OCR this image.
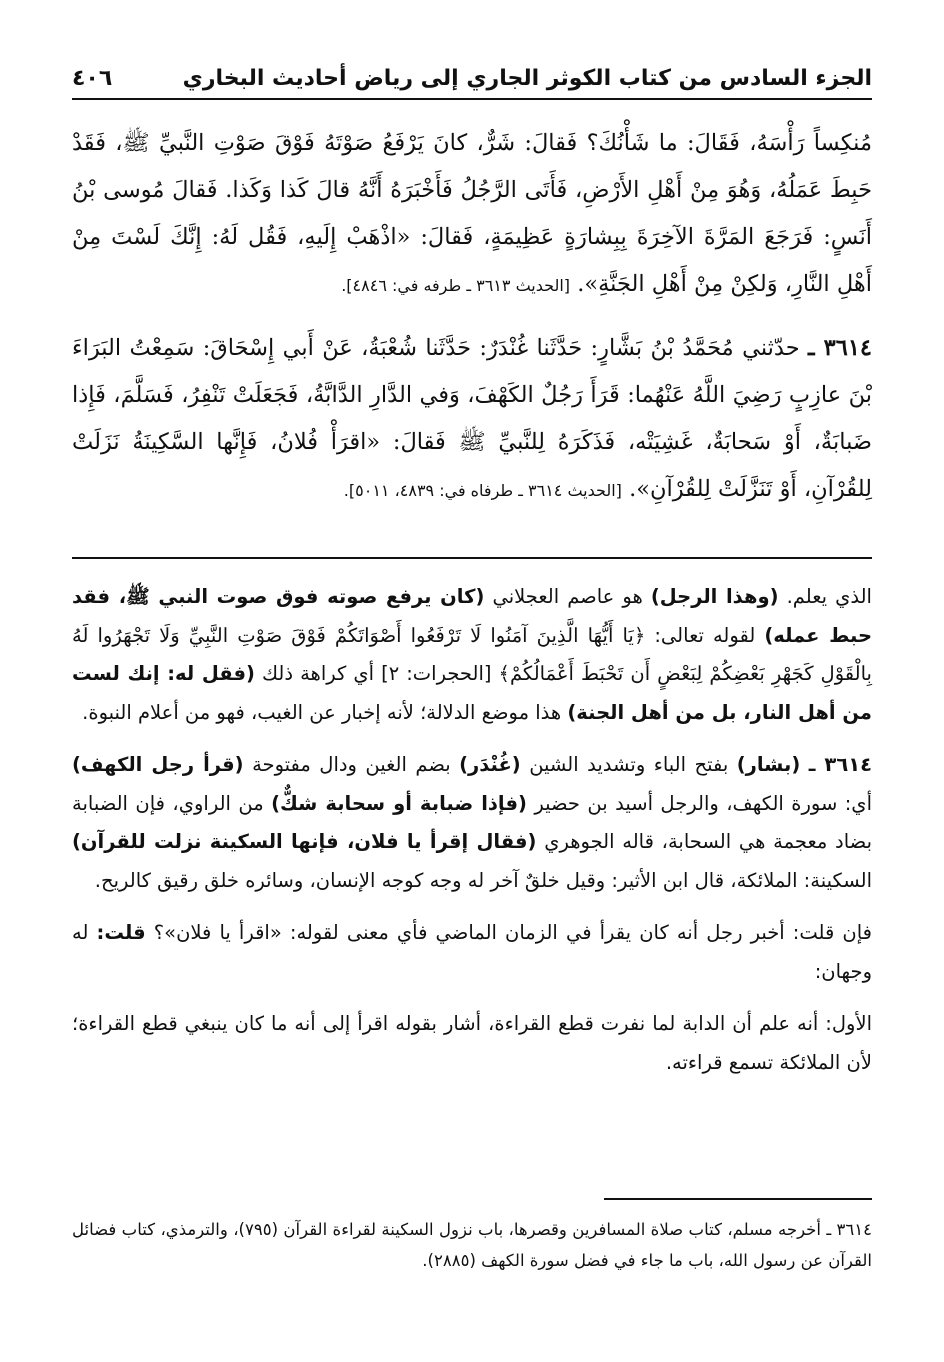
الجزء السادس من كتاب الكوثر الجاري إلى رياض أحاديث البخاري
٤٠٦

مُنكِساً رَأْسَهُ، فَقَالَ: ما شَأْنُكَ؟ فَقالَ: شَرٌّ، كانَ يَرْفَعُ صَوْتَهُ فَوْقَ صَوْتِ النَّبيِّ ﷺ، فَقَدْ حَبِطَ عَمَلُهُ، وَهُوَ مِنْ أَهْلِ الأَرْضِ، فَأَتَى الرَّجُلُ فَأَخْبَرَهُ أَنَّهُ قالَ كَذا وَكَذا. فَقالَ مُوسى بْنُ أَنَسٍ: فَرَجَعَ المَرَّةَ الآخِرَةَ بِبِشارَةٍ عَظِيمَةٍ، فَقالَ: «اذْهَبْ إِلَيهِ، فَقُل لَهُ: إِنَّكَ لَسْتَ مِنْ أَهْلِ النَّارِ، وَلكِنْ مِنْ أَهْلِ الجَنَّةِ». [الحديث ٣٦١٣ ـ طرفه في: ٤٨٤٦].

٣٦١٤ ـ حدّثني مُحَمَّدُ بْنُ بَشَّارٍ: حَدَّثَنا غُنْدَرٌ: حَدَّثَنا شُعْبَةُ، عَنْ أَبي إِسْحَاقَ: سَمِعْتُ البَرَاءَ بْنَ عازِبٍ رَضِيَ اللَّهُ عَنْهُما: قَرَأَ رَجُلٌ الكَهْفَ، وَفي الدَّارِ الدَّابَّةُ، فَجَعَلَتْ تَنْفِرُ، فَسَلَّمَ، فَإِذا ضَبابَةٌ، أَوْ سَحابَةٌ، غَشِيَتْه، فَذَكَرَهُ لِلنَّبيِّ ﷺ فَقالَ: «اقرَأْ فُلانُ، فَإِنَّها السَّكِينَةُ نَزَلَتْ لِلقُرْآنِ، أَوْ تَنَزَّلَتْ لِلقُرْآنِ». [الحديث ٣٦١٤ ـ طرفاه في: ٤٨٣٩، ٥٠١١].

الذي يعلم. (وهذا الرجل) هو عاصم العجلاني (كان يرفع صوته فوق صوت النبي ﷺ، فقد حبط عمله) لقوله تعالى: ﴿يَا أَيُّهَا الَّذِينَ آمَنُوا لَا تَرْفَعُوا أَصْوَاتَكُمْ فَوْقَ صَوْتِ النَّبِيِّ وَلَا تَجْهَرُوا لَهُ بِالْقَوْلِ كَجَهْرِ بَعْضِكُمْ لِبَعْضٍ أَن تَحْبَطَ أَعْمَالُكُمْ﴾ [الحجرات: ٢] أي كراهة ذلك (فقل له: إنك لست من أهل النار، بل من أهل الجنة) هذا موضع الدلالة؛ لأنه إخبار عن الغيب، فهو من أعلام النبوة.

٣٦١٤ ـ (بشار) بفتح الباء وتشديد الشين (غُنْدَر) بضم الغين ودال مفتوحة (قرأ رجل الكهف) أي: سورة الكهف، والرجل أسيد بن حضير (فإذا ضبابة أو سحابة شكٌّ) من الراوي، فإن الضبابة بضاد معجمة هي السحابة، قاله الجوهري (فقال إقرأ يا فلان، فإنها السكينة نزلت للقرآن) السكينة: الملائكة، قال ابن الأثير: وقيل خلقٌ آخر له وجه كوجه الإنسان، وسائره خلق رقيق كالريح.

فإن قلت: أخبر رجل أنه كان يقرأ في الزمان الماضي فأي معنى لقوله: «اقرأ يا فلان»؟ قلت: له وجهان:

الأول: أنه علم أن الدابة لما نفرت قطع القراءة، أشار بقوله اقرأ إلى أنه ما كان ينبغي قطع القراءة؛ لأن الملائكة تسمع قراءته.

٣٦١٤ ـ أخرجه مسلم، كتاب صلاة المسافرين وقصرها، باب نزول السكينة لقراءة القرآن (٧٩٥)، والترمذي، كتاب فضائل القرآن عن رسول الله، باب ما جاء في فضل سورة الكهف (٢٨٨٥).
